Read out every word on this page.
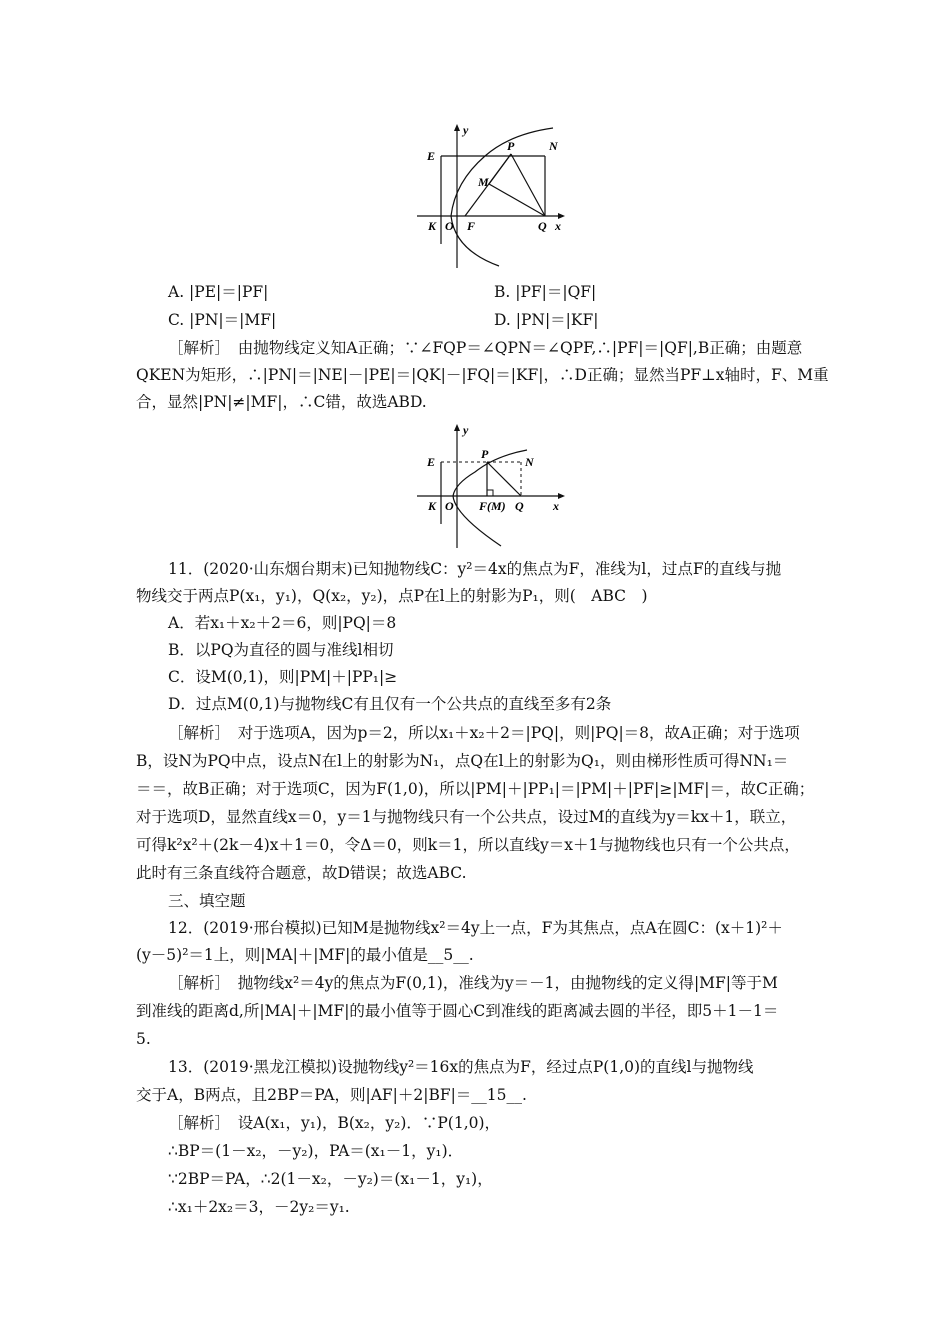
y
E
P	N
M
K O F	Q x
A. |PE|＝|PF|	B. |PF|＝|QF|
C. |PN|＝|MF|	D. |PN|＝|KF|
［解析］　由抛物线定义知A正确；∵∠FQP＝∠QPN＝∠QPF,∴|PF|＝|QF|,B正确；由题意
QKEN为矩形，∴|PN|＝|NE|－|PE|＝|QK|－|FQ|＝|KF|，∴D正确；显然当PF⊥x轴时，F、M重
合，显然|PN|≠|MF|，∴C错，故选ABD.
y
E
P
N
K O F(M) Q x
11．(2020·山东烟台期末)已知抛物线C：y²＝4x的焦点为F，准线为l，过点F的直线与抛
物线交于两点P(x₁，y₁)，Q(x₂，y₂)，点P在l上的射影为P₁，则(　ABC　)
A．若x₁＋x₂＋2＝6，则|PQ|＝8
B．以PQ为直径的圆与准线l相切
C．设M(0,1)，则|PM|＋|PP₁|≥
D．过点M(0,1)与抛物线C有且仅有一个公共点的直线至多有2条
［解析］　对于选项A，因为p＝2，所以x₁＋x₂＋2＝|PQ|，则|PQ|＝8，故A正确；对于选项
B，设N为PQ中点，设点N在l上的射影为N₁，点Q在l上的射影为Q₁，则由梯形性质可得NN₁＝
＝＝，故B正确；对于选项C，因为F(1,0)，所以|PM|＋|PP₁|＝|PM|＋|PF|≥|MF|＝，故C正确；
对于选项D，显然直线x＝0，y＝1与抛物线只有一个公共点，设过M的直线为y＝kx＋1，联立，
可得k²x²＋(2k－4)x＋1＝0，令Δ＝0，则k＝1，所以直线y＝x＋1与抛物线也只有一个公共点，
此时有三条直线符合题意，故D错误；故选ABC.
三、填空题
12．(2019·邢台模拟)已知M是抛物线x²＝4y上一点，F为其焦点，点A在圆C：(x＋1)²＋
(y－5)²＝1上，则|MA|＋|MF|的最小值是__5__.
［解析］　抛物线x²＝4y的焦点为F(0,1)，准线为y＝－1，由抛物线的定义得|MF|等于M
到准线的距离d,所|MA|＋|MF|的最小值等于圆心C到准线的距离减去圆的半径，即5＋1－1＝
5.
13．(2019·黑龙江模拟)设抛物线y²＝16x的焦点为F，经过点P(1,0)的直线l与抛物线
交于A，B两点，且2BP＝PA，则|AF|＋2|BF|＝__15__.
［解析］　设A(x₁，y₁)，B(x₂，y₂)．∵P(1,0)，
∴BP＝(1－x₂，－y₂)，PA＝(x₁－1，y₁)．
∵2BP＝PA，∴2(1－x₂，－y₂)＝(x₁－1，y₁)，
∴x₁＋2x₂＝3，－2y₂＝y₁.
